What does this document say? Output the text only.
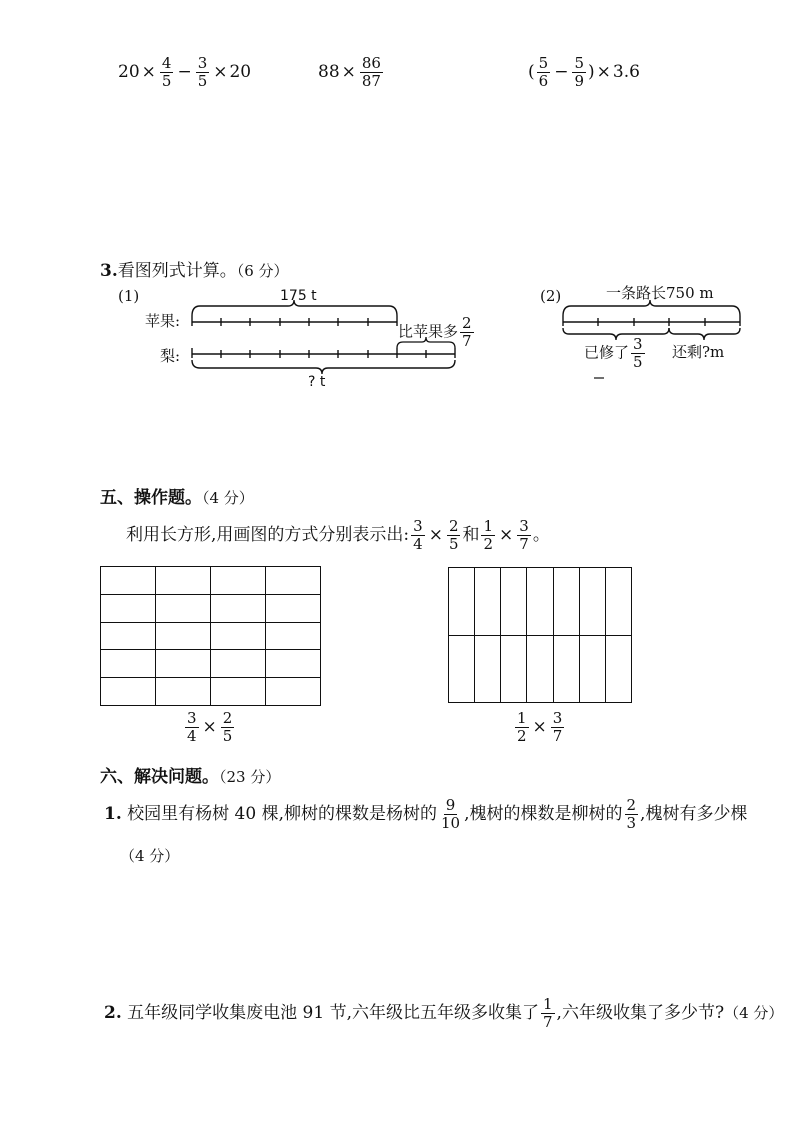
$20 \times \frac{4}{5} - \frac{3}{5} \times 20$	$88 \times \frac{86}{87}$	( $\frac{5}{6} - \frac{5}{9}$ ) × 3.6
3.看图列式计算。（6 分）
(1)
苹果:
梨:
175 t
比苹果多 $\frac{2}{7}$
? t
(2)	一条路长750 m
已修了 $\frac{3}{5}$ 还剩?m
五、操作题。（4 分）
利用长方形,用画图的方式分别表示出: $\frac{3}{4} \times \frac{2}{5}$ 和 $\frac{1}{2} \times \frac{3}{7}$ 。

$\frac{3}{4} \times \frac{2}{5}$

							$\frac{1}{2} \times \frac{3}{7}$
六、解决问题。（23 分）
1. 校园里有杨树 40 棵,柳树的棵数是杨树的 $\frac{9}{10}$ ,槐树的棵数是柳树的 $\frac{2}{3}$ ,槐树有多少棵
（4 分）
2. 五年级同学收集废电池 91 节,六年级比五年级多收集了 $\frac{1}{7}$ ,六年级收集了多少节?（4 分）
